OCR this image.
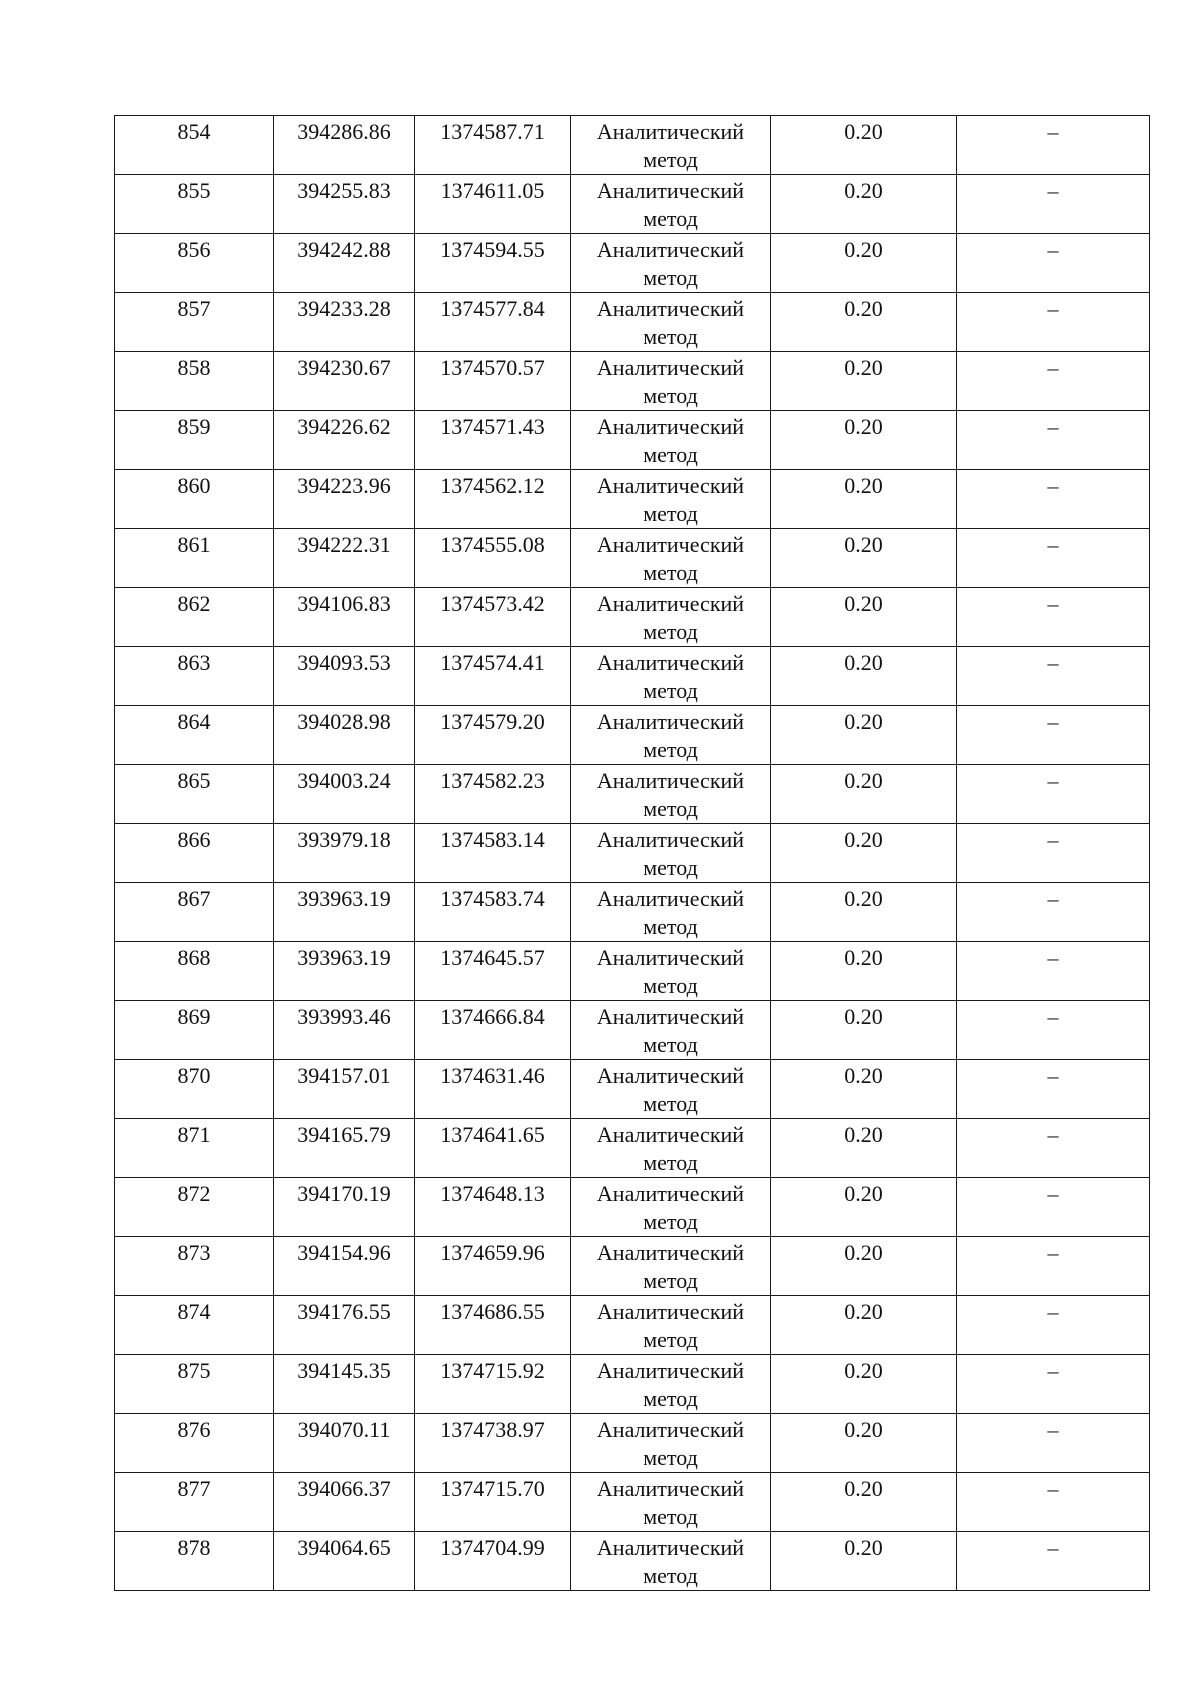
854	394286.86	1374587.71	Аналитический метод	0.20	–

855	394255.83	1374611.05	Аналитический метод	0.20	–

856	394242.88	1374594.55	Аналитический метод	0.20	–

857	394233.28	1374577.84	Аналитический метод	0.20	–

858	394230.67	1374570.57	Аналитический метод	0.20	–

859	394226.62	1374571.43	Аналитический метод	0.20	–

860	394223.96	1374562.12	Аналитический метод	0.20	–

861	394222.31	1374555.08	Аналитический метод	0.20	–

862	394106.83	1374573.42	Аналитический метод	0.20	–

863	394093.53	1374574.41	Аналитический метод	0.20	–

864	394028.98	1374579.20	Аналитический метод	0.20	–

865	394003.24	1374582.23	Аналитический метод	0.20	–

866	393979.18	1374583.14	Аналитический метод	0.20	–

867	393963.19	1374583.74	Аналитический метод	0.20	–

868	393963.19	1374645.57	Аналитический метод	0.20	–

869	393993.46	1374666.84	Аналитический метод	0.20	–

870	394157.01	1374631.46	Аналитический метод	0.20	–

871	394165.79	1374641.65	Аналитический метод	0.20	–

872	394170.19	1374648.13	Аналитический метод	0.20	–

873	394154.96	1374659.96	Аналитический метод	0.20	–

874	394176.55	1374686.55	Аналитический метод	0.20	–

875	394145.35	1374715.92	Аналитический метод	0.20	–

876	394070.11	1374738.97	Аналитический метод	0.20	–

877	394066.37	1374715.70	Аналитический метод	0.20	–

878	394064.65	1374704.99	Аналитический метод	0.20	–
